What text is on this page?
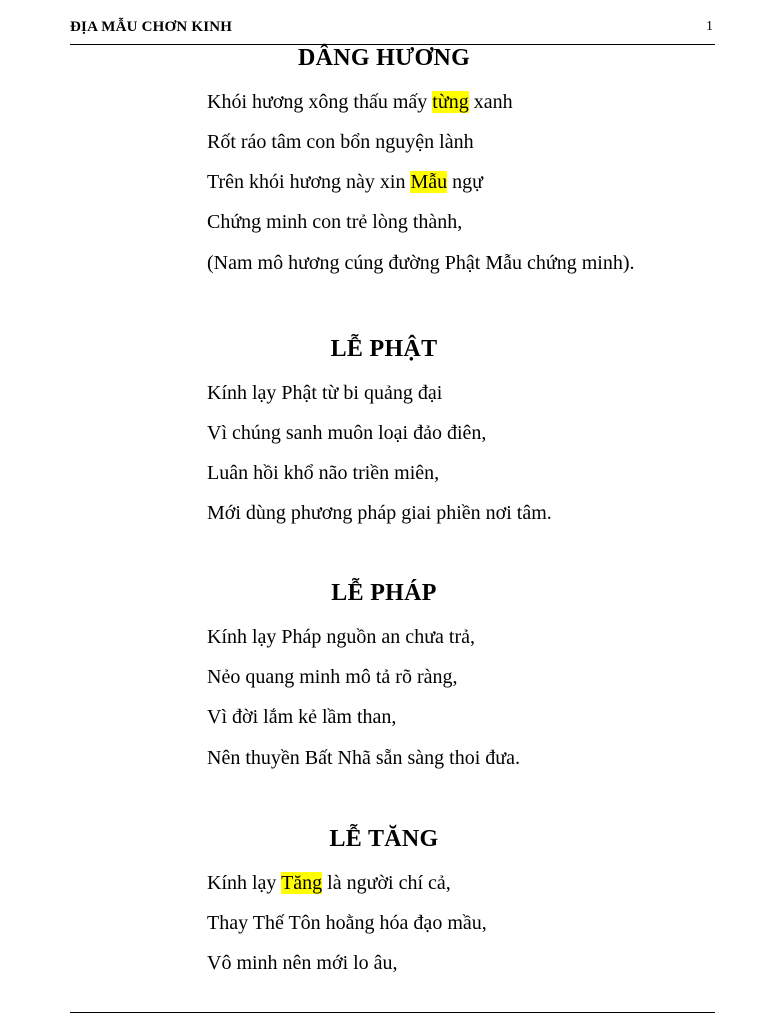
ĐỊA MẪU CHƠN KINH	1
DÂNG HƯƠNG
Khói hương xông thấu mấy từng xanh
Rốt ráo tâm con bổn nguyện lành
Trên khói hương này xin Mẫu ngự
Chứng minh con trẻ lòng thành,
(Nam mô hương cúng đường Phật Mẫu chứng minh).
LỄ PHẬT
Kính lạy Phật từ bi quảng đại
Vì chúng sanh muôn loại đảo điên,
Luân hồi khổ não triền miên,
Mới dùng phương pháp giai phiền nơi tâm.
LỄ PHÁP
Kính lạy Pháp nguồn an chưa trả,
Nẻo quang minh mô tả rõ ràng,
Vì đời lắm kẻ lầm than,
Nên thuyền Bất Nhã sẵn sàng thoi đưa.
LỄ TĂNG
Kính lạy Tăng là người chí cả,
Thay Thế Tôn hoằng hóa đạo mầu,
Vô minh nên mới lo âu,
